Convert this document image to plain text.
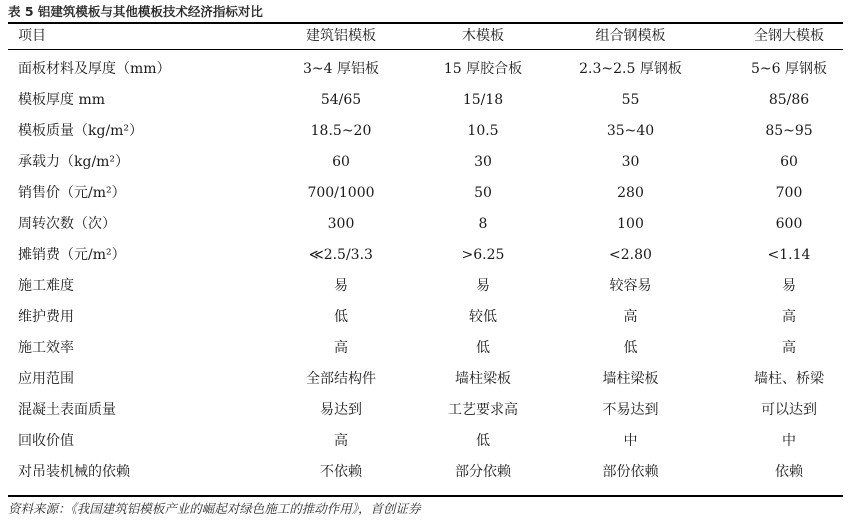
表 5 铝建筑模板与其他模板技术经济指标对比
项目	建筑铝模板	木模板	组合钢模板	全钢大模板
面板材料及厚度（mm）	3~4 厚铝板	15 厚胶合板	2.3~2.5 厚钢板	5~6 厚钢板
模板厚度 mm	54/65	15/18	55	85/86
模板质量（kg/m²）	18.5~20	10.5	35~40	85~95
承载力（kg/m²）	60	30	30	60
销售价（元/m²）	700/1000	50	280	700
周转次数（次）	300	8	100	600
摊销费（元/m²）	≪2.5/3.3	>6.25	<2.80	<1.14
施工难度	易	易	较容易	易
维护费用	低	较低	高	高
施工效率	高	低	低	高
应用范围	全部结构件	墙柱梁板	墙柱梁板	墙柱、桥梁
混凝土表面质量	易达到	工艺要求高	不易达到	可以达到
回收价值	高	低	中	中
对吊装机械的依赖	不依赖	部分依赖	部份依赖	依赖
资料来源：《我国建筑铝模板产业的崛起对绿色施工的推动作用》，首创证券
